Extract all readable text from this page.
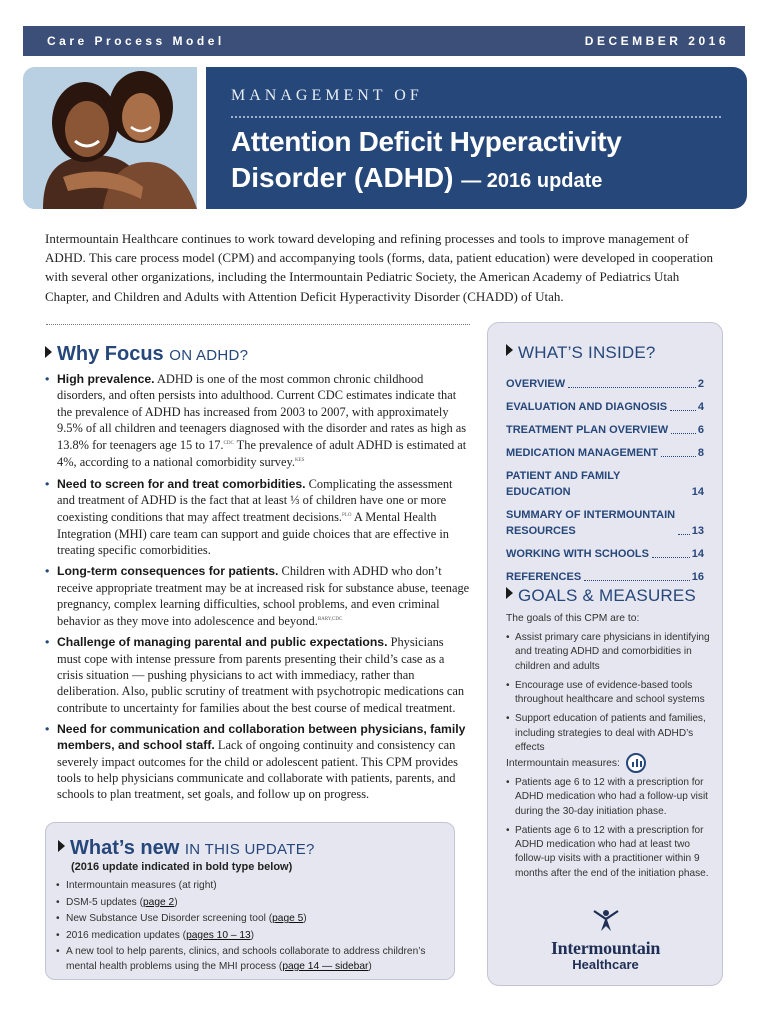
Care Process Model	DECEMBER 2016
MANAGEMENT OF
Attention Deficit Hyperactivity
Disorder (ADHD) — 2016 update
Intermountain Healthcare continues to work toward developing and refining processes and tools to improve management of ADHD. This care process model (CPM) and accompanying tools (forms, data, patient education) were developed in cooperation with several other organizations, including the Intermountain Pediatric Society, the American Academy of Pediatrics Utah Chapter, and Children and Adults with Attention Deficit Hyperactivity Disorder (CHADD) of Utah.
Why Focus ON ADHD?
• High prevalence. ADHD is one of the most common chronic childhood disorders, and often persists into adulthood. Current CDC estimates indicate that the prevalence of ADHD has increased from 2003 to 2007, with approximately 9.5% of all children and teenagers diagnosed with the disorder and rates as high as 13.8% for teenagers age 15 to 17.$^{CDC}$ The prevalence of adult ADHD is estimated at 4%, according to a national comorbidity survey.$^{KES}$
• Need to screen for and treat comorbidities. Complicating the assessment and treatment of ADHD is the fact that at least ⅓ of children have one or more coexisting conditions that may affect treatment decisions.$^{PLO}$ A Mental Health Integration (MHI) care team can support and guide choices that are effective in treating specific comorbidities.
• Long-term consequences for patients. Children with ADHD who don’t receive appropriate treatment may be at increased risk for substance abuse, teenage pregnancy, complex learning difficulties, school problems, and even criminal behavior as they move into adolescence and beyond.$^{BARY,CDC}$
• Challenge of managing parental and public expectations. Physicians must cope with intense pressure from parents presenting their child’s case as a crisis situation — pushing physicians to act with immediacy, rather than deliberation. Also, public scrutiny of treatment with psychotropic medications can contribute to uncertainty for families about the best course of medical treatment.
• Need for communication and collaboration between physicians, family members, and school staff. Lack of ongoing continuity and consistency can severely impact outcomes for the child or adolescent patient. This CPM provides tools to help physicians communicate and collaborate with patients, parents, and schools to plan treatment, set goals, and follow up on progress.
What’s new IN THIS UPDATE?
(2016 update indicated in bold type below)
• Intermountain measures (at right)
• DSM-5 updates (page 2)
• New Substance Use Disorder screening tool (page 5)
• 2016 medication updates (pages 10 – 13)
• A new tool to help parents, clinics, and schools collaborate to address children’s mental health problems using the MHI process (page 14 — sidebar)
WHAT’S INSIDE?
OVERVIEW	2
EVALUATION AND DIAGNOSIS	4
TREATMENT PLAN OVERVIEW	6
MEDICATION MANAGEMENT	8
PATIENT AND FAMILY EDUCATION	14
SUMMARY OF INTERMOUNTAIN
RESOURCES	13
WORKING WITH SCHOOLS	14
REFERENCES	16
GOALS & MEASURES
The goals of this CPM are to:
• Assist primary care physicians in identifying and treating ADHD and comorbidities in children and adults
• Encourage use of evidence-based tools throughout healthcare and school systems
• Support education of patients and families, including strategies to deal with ADHD’s effects
Intermountain measures:
• Patients age 6 to 12 with a prescription for ADHD medication who had a follow-up visit during the 30-day initiation phase.
• Patients age 6 to 12 with a prescription for ADHD medication who had at least two follow-up visits with a practitioner within 9 months after the end of the initiation phase.
Intermountain
Healthcare
